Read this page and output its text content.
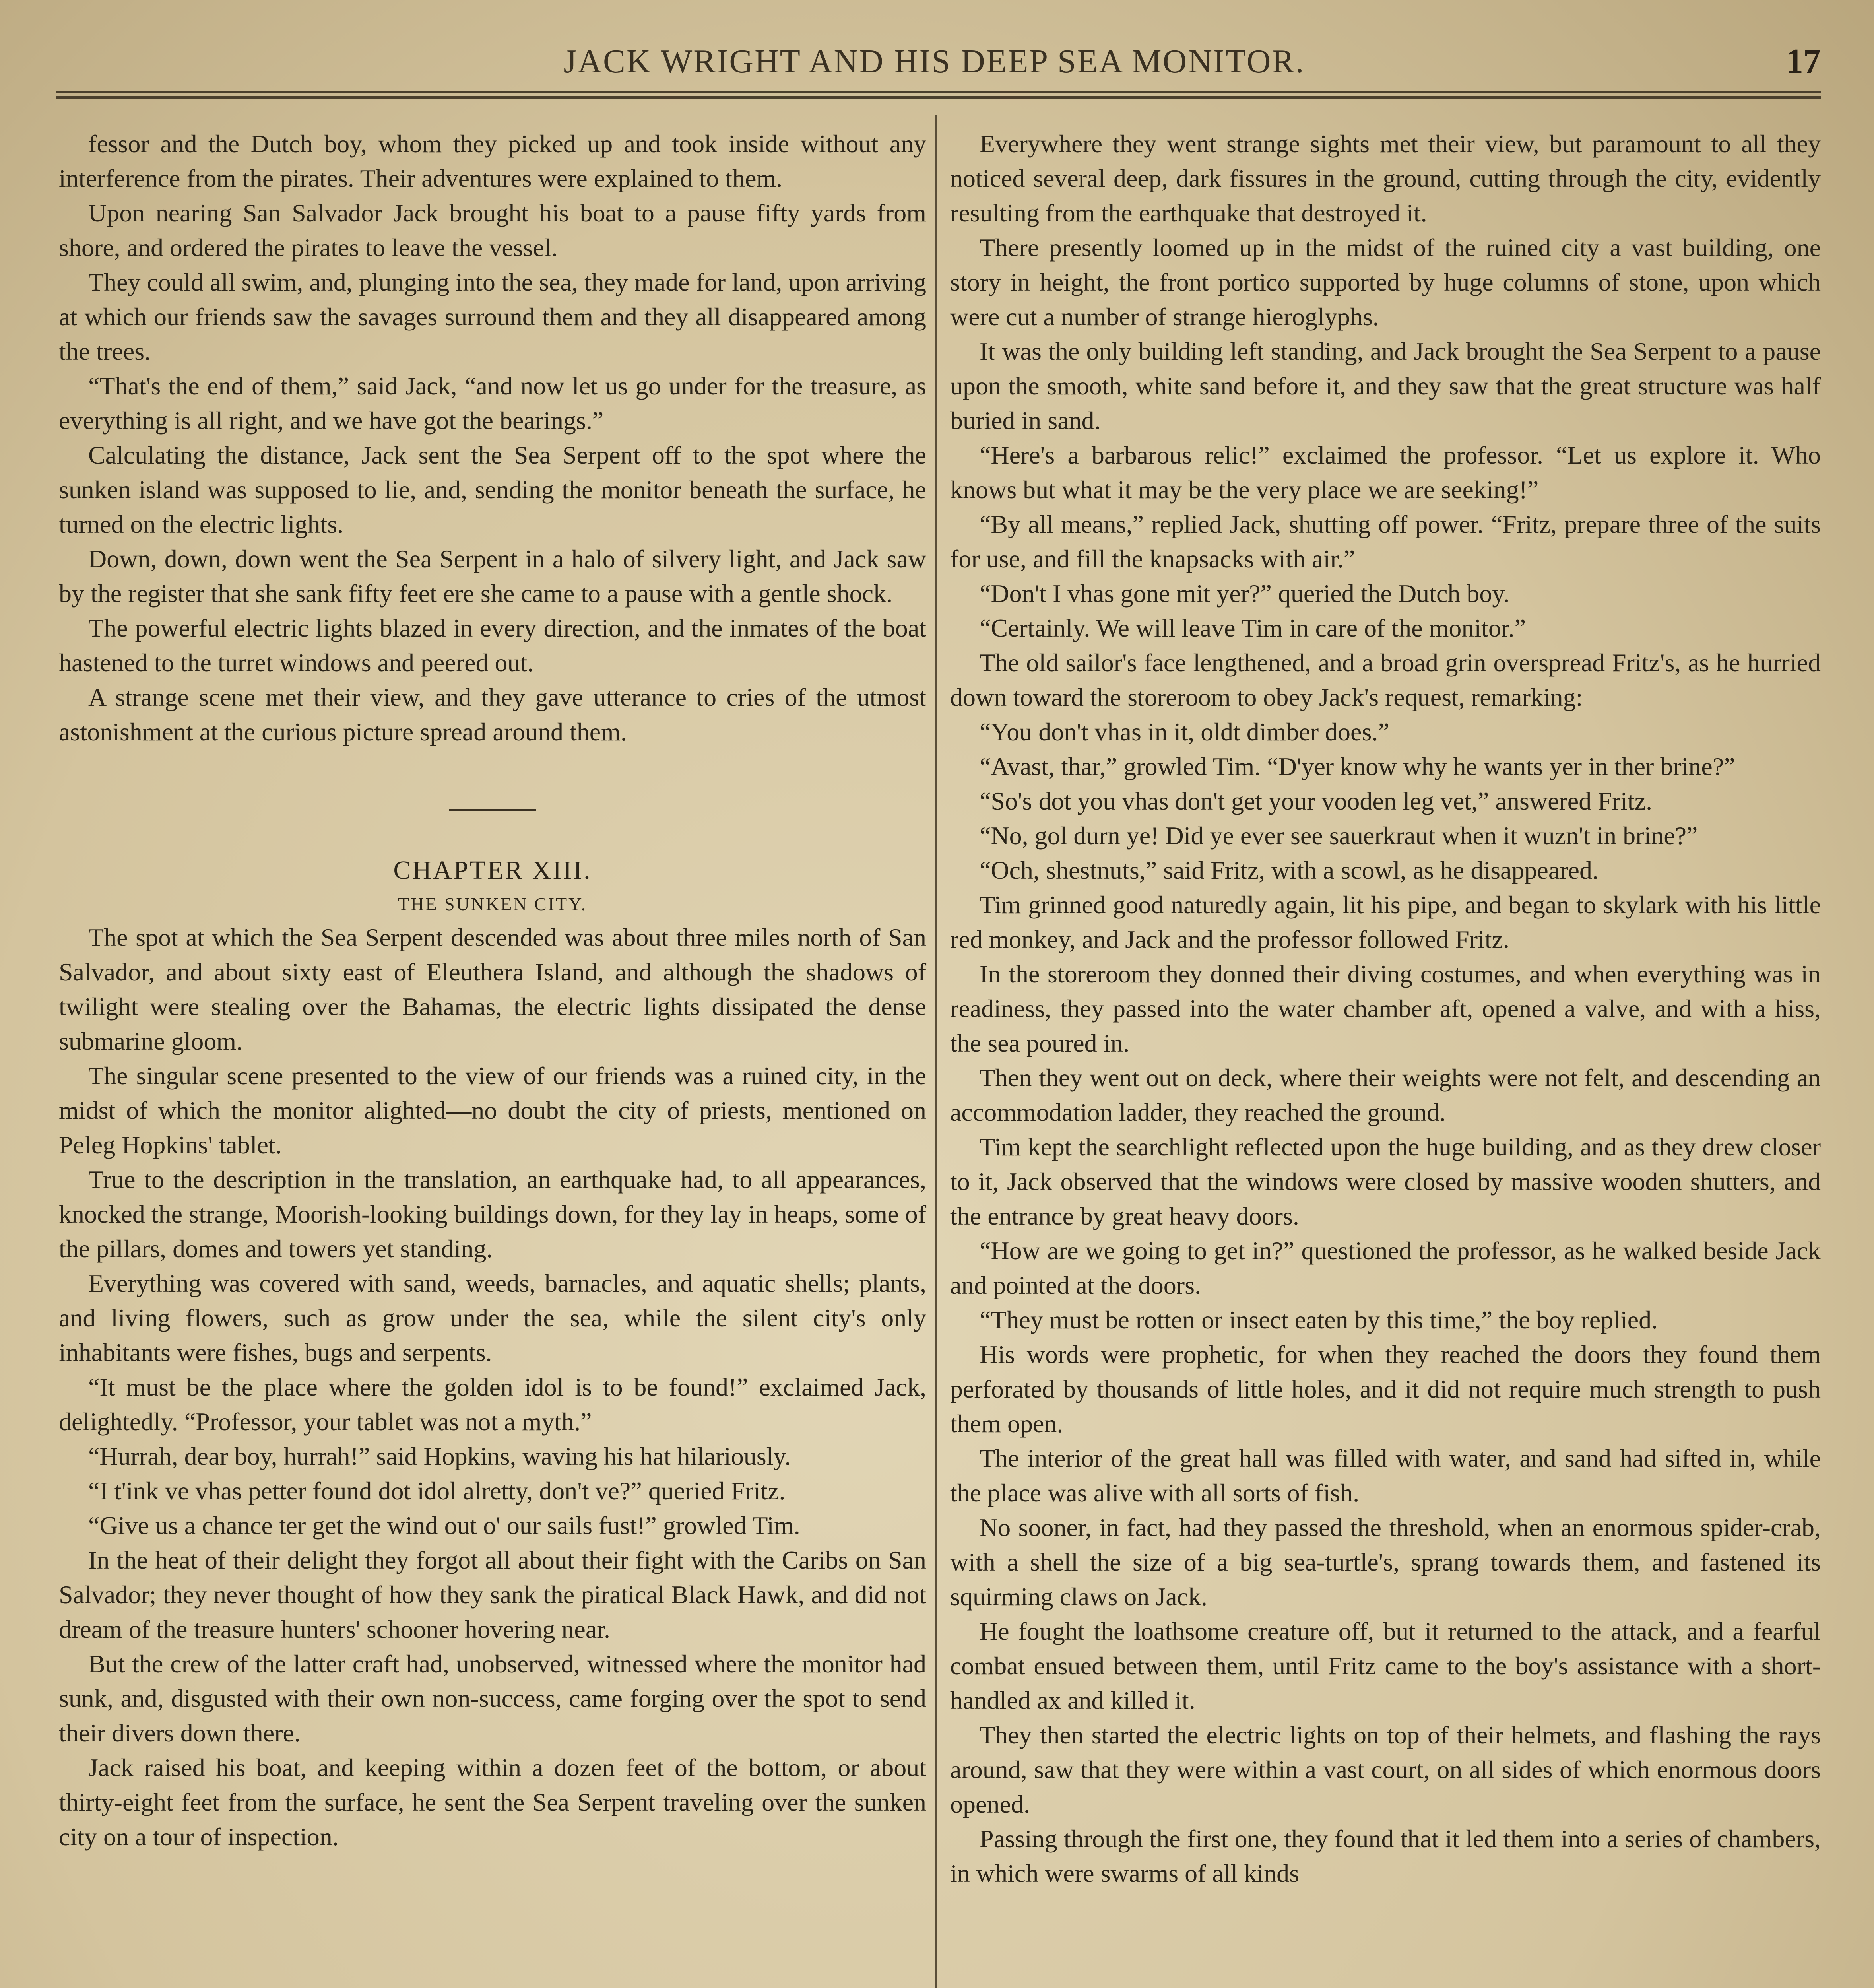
JACK WRIGHT AND HIS DEEP SEA MONITOR.	17

fessor and the Dutch boy, whom they picked up and took inside without any interference from the pirates. Their adventures were explained to them.

Upon nearing San Salvador Jack brought his boat to a pause fifty yards from shore, and ordered the pirates to leave the vessel.

They could all swim, and, plunging into the sea, they made for land, upon arriving at which our friends saw the savages surround them and they all disappeared among the trees.

“That's the end of them,” said Jack, “and now let us go under for the treasure, as everything is all right, and we have got the bearings.”

Calculating the distance, Jack sent the Sea Serpent off to the spot where the sunken island was supposed to lie, and, sending the monitor beneath the surface, he turned on the electric lights.

Down, down, down went the Sea Serpent in a halo of silvery light, and Jack saw by the register that she sank fifty feet ere she came to a pause with a gentle shock.

The powerful electric lights blazed in every direction, and the inmates of the boat hastened to the turret windows and peered out.

A strange scene met their view, and they gave utterance to cries of the utmost astonishment at the curious picture spread around them.

CHAPTER XIII.

THE SUNKEN CITY.

The spot at which the Sea Serpent descended was about three miles north of San Salvador, and about sixty east of Eleuthera Island, and although the shadows of twilight were stealing over the Bahamas, the electric lights dissipated the dense submarine gloom.

The singular scene presented to the view of our friends was a ruined city, in the midst of which the monitor alighted—no doubt the city of priests, mentioned on Peleg Hopkins' tablet.

True to the description in the translation, an earthquake had, to all appearances, knocked the strange, Moorish-looking buildings down, for they lay in heaps, some of the pillars, domes and towers yet standing.

Everything was covered with sand, weeds, barnacles, and aquatic shells; plants, and living flowers, such as grow under the sea, while the silent city's only inhabitants were fishes, bugs and serpents.

“It must be the place where the golden idol is to be found!” exclaimed Jack, delightedly. “Professor, your tablet was not a myth.”

“Hurrah, dear boy, hurrah!” said Hopkins, waving his hat hilariously.

“I t'ink ve vhas petter found dot idol alretty, don't ve?” queried Fritz.

“Give us a chance ter get the wind out o' our sails fust!” growled Tim.

In the heat of their delight they forgot all about their fight with the Caribs on San Salvador; they never thought of how they sank the piratical Black Hawk, and did not dream of the treasure hunters' schooner hovering near.

But the crew of the latter craft had, unobserved, witnessed where the monitor had sunk, and, disgusted with their own non-success, came forging over the spot to send their divers down there.

Jack raised his boat, and keeping within a dozen feet of the bottom, or about thirty-eight feet from the surface, he sent the Sea Serpent traveling over the sunken city on a tour of inspection.

Everywhere they went strange sights met their view, but paramount to all they noticed several deep, dark fissures in the ground, cutting through the city, evidently resulting from the earthquake that destroyed it.

There presently loomed up in the midst of the ruined city a vast building, one story in height, the front portico supported by huge columns of stone, upon which were cut a number of strange hieroglyphs.

It was the only building left standing, and Jack brought the Sea Serpent to a pause upon the smooth, white sand before it, and they saw that the great structure was half buried in sand.

“Here's a barbarous relic!” exclaimed the professor. “Let us explore it. Who knows but what it may be the very place we are seeking!”

“By all means,” replied Jack, shutting off power. “Fritz, prepare three of the suits for use, and fill the knapsacks with air.”

“Don't I vhas gone mit yer?” queried the Dutch boy.

“Certainly. We will leave Tim in care of the monitor.”

The old sailor's face lengthened, and a broad grin overspread Fritz's, as he hurried down toward the storeroom to obey Jack's request, remarking:

“You don't vhas in it, oldt dimber does.”

“Avast, thar,” growled Tim. “D'yer know why he wants yer in ther brine?”

“So's dot you vhas don't get your vooden leg vet,” answered Fritz.

“No, gol durn ye! Did ye ever see sauerkraut when it wuzn't in brine?”

“Och, shestnuts,” said Fritz, with a scowl, as he disappeared.

Tim grinned good naturedly again, lit his pipe, and began to skylark with his little red monkey, and Jack and the professor followed Fritz.

In the storeroom they donned their diving costumes, and when everything was in readiness, they passed into the water chamber aft, opened a valve, and with a hiss, the sea poured in.

Then they went out on deck, where their weights were not felt, and descending an accommodation ladder, they reached the ground.

Tim kept the searchlight reflected upon the huge building, and as they drew closer to it, Jack observed that the windows were closed by massive wooden shutters, and the entrance by great heavy doors.

“How are we going to get in?” questioned the professor, as he walked beside Jack and pointed at the doors.

“They must be rotten or insect eaten by this time,” the boy replied.

His words were prophetic, for when they reached the doors they found them perforated by thousands of little holes, and it did not require much strength to push them open.

The interior of the great hall was filled with water, and sand had sifted in, while the place was alive with all sorts of fish.

No sooner, in fact, had they passed the threshold, when an enormous spider-crab, with a shell the size of a big sea-turtle's, sprang towards them, and fastened its squirming claws on Jack.

He fought the loathsome creature off, but it returned to the attack, and a fearful combat ensued between them, until Fritz came to the boy's assistance with a short-handled ax and killed it.

They then started the electric lights on top of their helmets, and flashing the rays around, saw that they were within a vast court, on all sides of which enormous doors opened.

Passing through the first one, they found that it led them into a series of chambers, in which were swarms of all kinds
